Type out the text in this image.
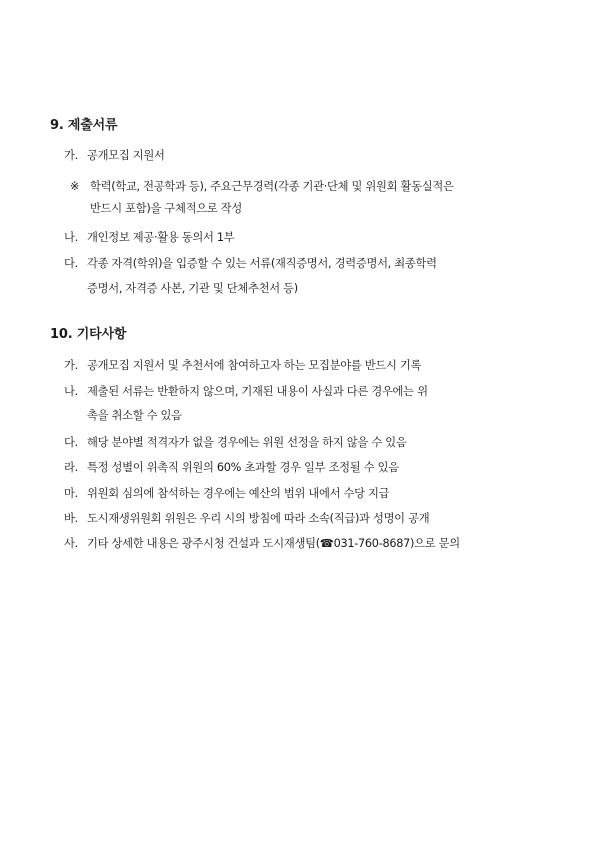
9. 제출서류
가. 공개모집 지원서
※ 학력(학교, 전공학과 등), 주요근무경력(각종 기관·단체 및 위원회 활동실적은
반드시 포함)을 구체적으로 작성
나. 개인정보 제공·활용 동의서 1부
다. 각종 자격(학위)을 입증할 수 있는 서류(재직증명서, 경력증명서, 최종학력
증명서, 자격증 사본, 기관 및 단체추천서 등)
10. 기타사항
가. 공개모집 지원서 및 추천서에 참여하고자 하는 모집분야를 반드시 기록
나. 제출된 서류는 반환하지 않으며, 기재된 내용이 사실과 다른 경우에는 위
촉을 취소할 수 있음
다. 해당 분야별 적격자가 없을 경우에는 위원 선정을 하지 않을 수 있음
라. 특정 성별이 위촉직 위원의 60% 초과할 경우 일부 조정될 수 있음
마. 위원회 심의에 참석하는 경우에는 예산의 범위 내에서 수당 지급
바. 도시재생위원회 위원은 우리 시의 방침에 따라 소속(직급)과 성명이 공개
사. 기타 상세한 내용은 광주시청 건설과 도시재생팀(☎031-760-8687)으로 문의
